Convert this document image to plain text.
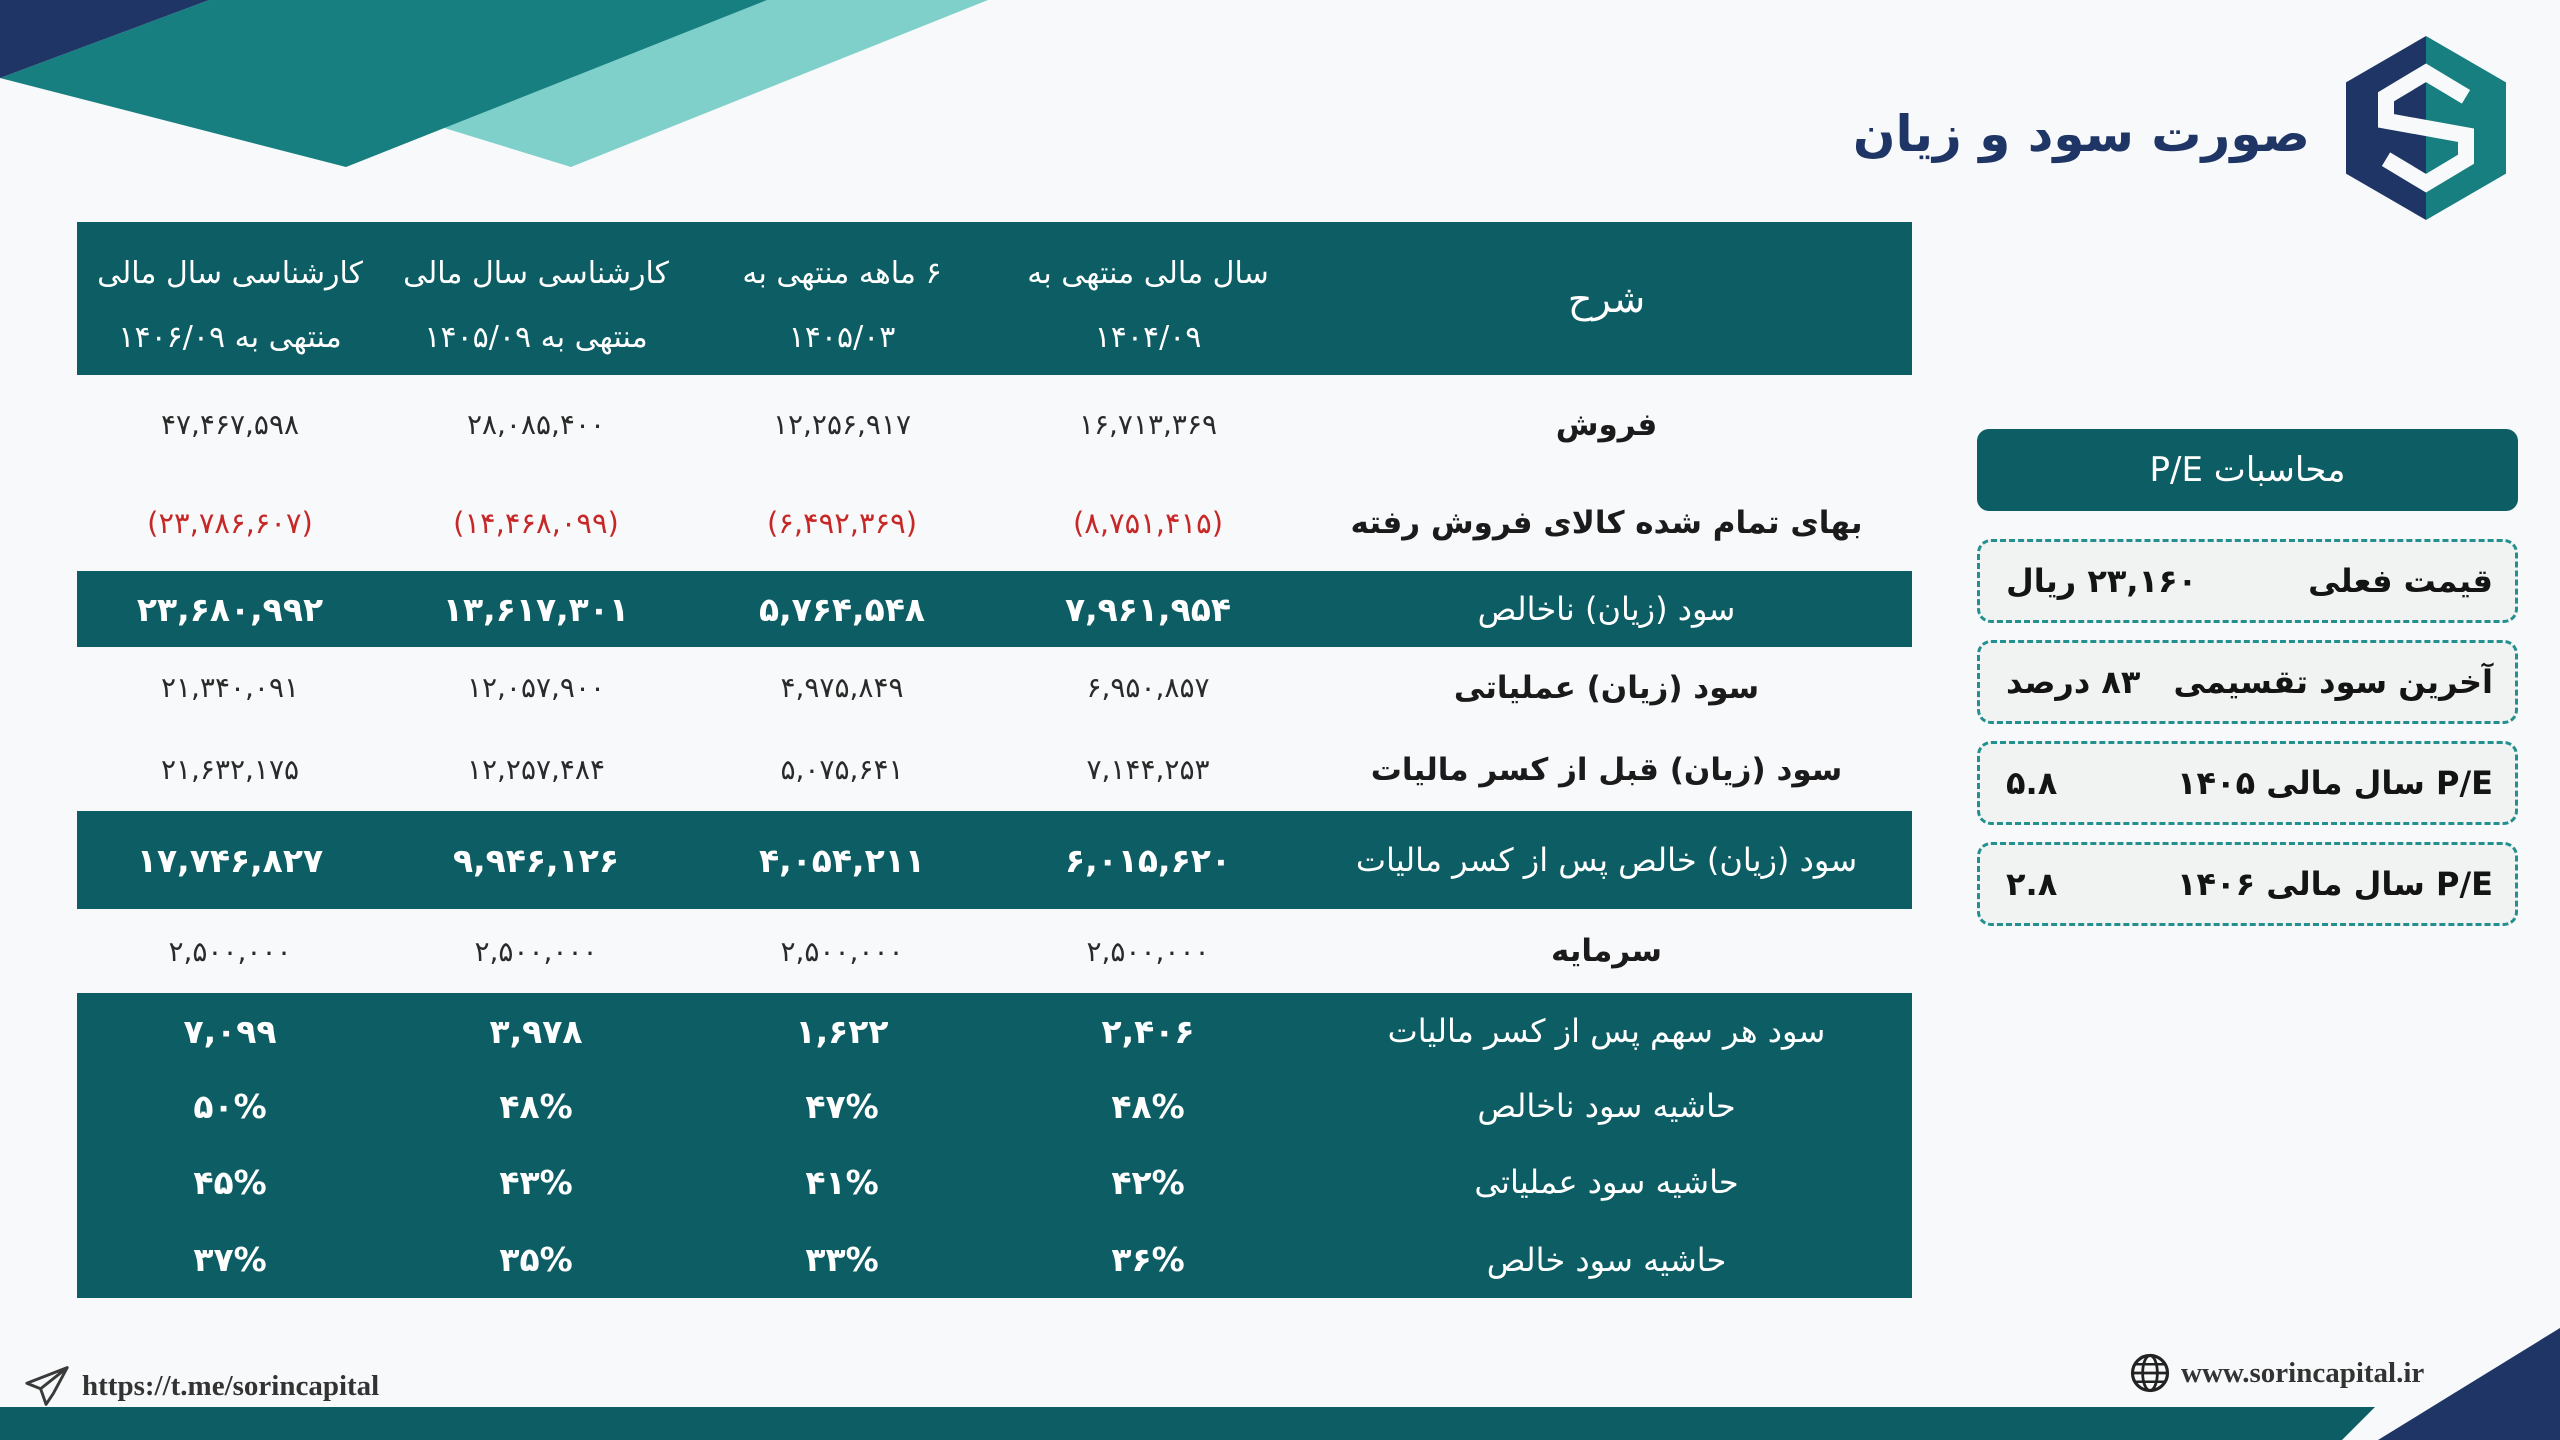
صورت سود و زیان
شرح
سال مالی منتهی به
۱۴۰۴/۰۹
۶ ماهه منتهی به
۱۴۰۵/۰۳
کارشناسی سال مالی
منتهی به ۱۴۰۵/۰۹
کارشناسی سال مالی
منتهی به ۱۴۰۶/۰۹
فروش
۱۶,۷۱۳,۳۶۹
۱۲,۲۵۶,۹۱۷
۲۸,۰۸۵,۴۰۰
۴۷,۴۶۷,۵۹۸
بهای تمام شده کالای فروش رفته
(۸,۷۵۱,۴۱۵)
(۶,۴۹۲,۳۶۹)
(۱۴,۴۶۸,۰۹۹)
(۲۳,۷۸۶,۶۰۷)
سود (زیان) ناخالص
۷,۹۶۱,۹۵۴
۵,۷۶۴,۵۴۸
۱۳,۶۱۷,۳۰۱
۲۳,۶۸۰,۹۹۲
سود (زیان) عملیاتی
۶,۹۵۰,۸۵۷
۴,۹۷۵,۸۴۹
۱۲,۰۵۷,۹۰۰
۲۱,۳۴۰,۰۹۱
سود (زیان) قبل از کسر مالیات
۷,۱۴۴,۲۵۳
۵,۰۷۵,۶۴۱
۱۲,۲۵۷,۴۸۴
۲۱,۶۳۲,۱۷۵
سود (زیان) خالص پس از کسر مالیات
۶,۰۱۵,۶۲۰
۴,۰۵۴,۲۱۱
۹,۹۴۶,۱۲۶
۱۷,۷۴۶,۸۲۷
سرمایه
۲,۵۰۰,۰۰۰
۲,۵۰۰,۰۰۰
۲,۵۰۰,۰۰۰
۲,۵۰۰,۰۰۰
سود هر سهم پس از کسر مالیات
۲,۴۰۶
۱,۶۲۲
۳,۹۷۸
۷,۰۹۹
حاشیه سود ناخالص
۴۸%
۴۷%
۴۸%
۵۰%
حاشیه سود عملیاتی
۴۲%
۴۱%
۴۳%
۴۵%
حاشیه سود خالص
۳۶%
۳۳%
۳۵%
۳۷%
محاسبات P/E
قیمت فعلی
۲۳,۱۶۰ ریال
آخرین سود تقسیمی
۸۳ درصد
P/E سال مالی ۱۴۰۵
۵.۸
P/E سال مالی ۱۴۰۶
۲.۸
https://t.me/sorincapital	www.sorincapital.ir
